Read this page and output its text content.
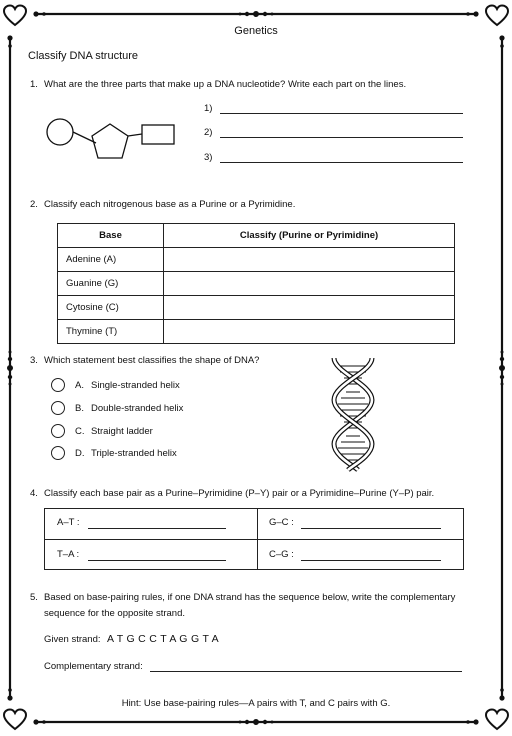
Genetics
Classify DNA structure
1. What are the three parts that make up a DNA nucleotide? Write each part on the lines.
1)
2)
3)
2. Classify each nitrogenous base as a Purine or a Pyrimidine.
Base	Classify (Purine or Pyrimidine)
Adenine (A)	
Guanine (G)	
Cytosine (C)	
Thymine (T)	
3. Which statement best classifies the shape of DNA?
A. Single-stranded helix
B. Double-stranded helix
C. Straight ladder
D. Triple-stranded helix
4. Classify each base pair as a Purine–Pyrimidine (P–Y) pair or a Pyrimidine–Purine (Y–P) pair.
A–T :	G–C :
T–A :	C–G :
5. Based on base-pairing rules, if one DNA strand has the sequence below, write the complementary
sequence for the opposite strand.
Given strand: A T G C C T A G G T A
Complementary strand:
Hint: Use base-pairing rules—A pairs with T, and C pairs with G.
